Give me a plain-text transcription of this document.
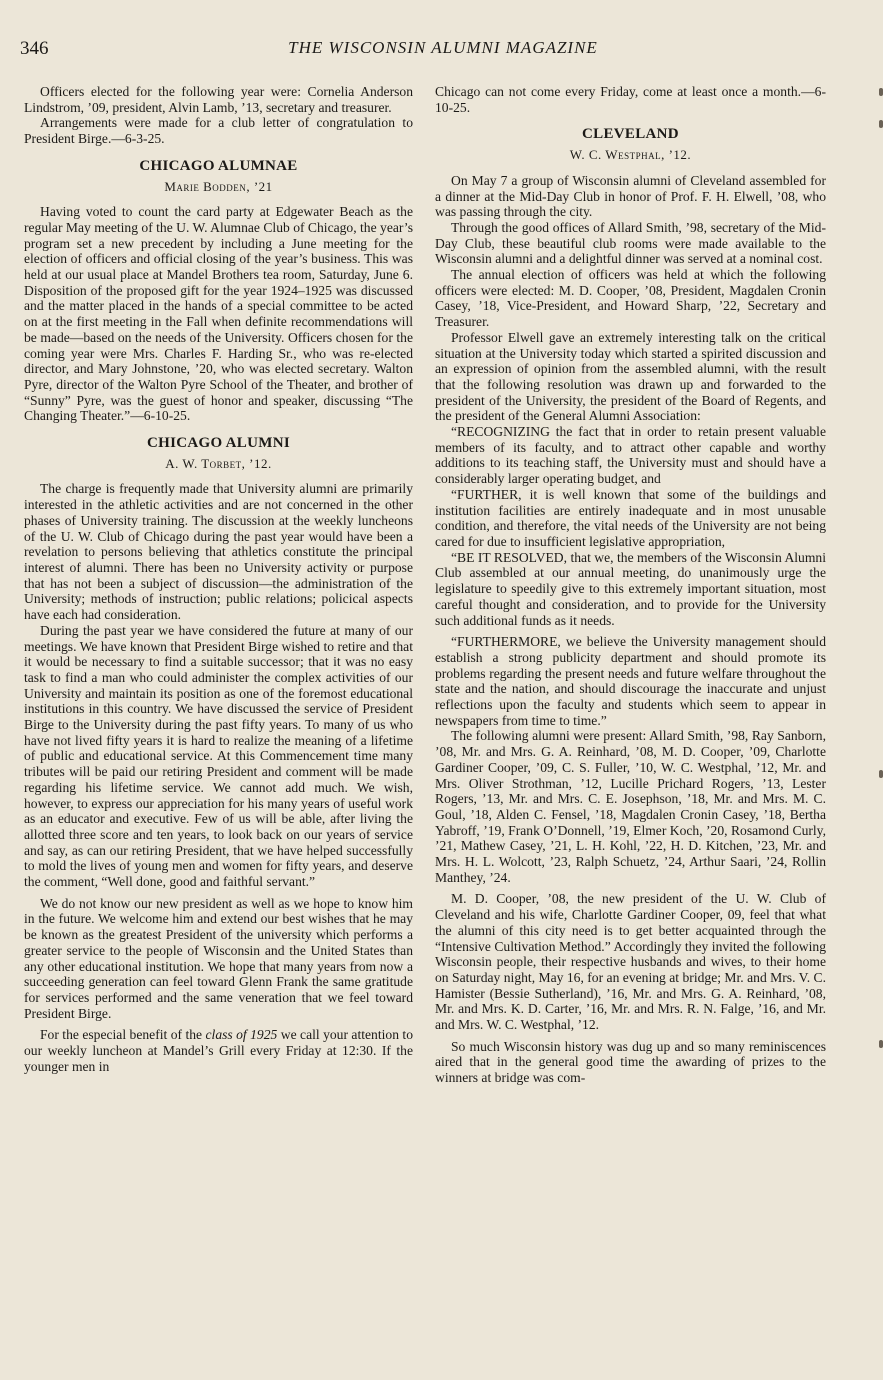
346	THE WISCONSIN ALUMNI MAGAZINE

Officers elected for the following year were: Cornelia Anderson Lindstrom, ’09, president, Alvin Lamb, ’13, secretary and treasurer.

Arrangements were made for a club letter of congratulation to President Birge.—6-3-25.

CHICAGO ALUMNAE
Marie Bodden, ’21

Having voted to count the card party at Edgewater Beach as the regular May meeting of the U. W. Alumnae Club of Chicago, the year’s program set a new precedent by including a June meeting for the election of officers and official closing of the year’s business. This was held at our usual place at Mandel Brothers tea room, Saturday, June 6. Disposition of the proposed gift for the year 1924–1925 was discussed and the matter placed in the hands of a special committee to be acted on at the first meeting in the Fall when definite recommendations will be made—based on the needs of the University. Officers chosen for the coming year were Mrs. Charles F. Harding Sr., who was re-elected director, and Mary Johnstone, ’20, who was elected secretary. Walton Pyre, director of the Walton Pyre School of the Theater, and brother of “Sunny” Pyre, was the guest of honor and speaker, discussing “The Changing Theater.”—6-10-25.

CHICAGO ALUMNI
A. W. Torbet, ’12.

The charge is frequently made that University alumni are primarily interested in the athletic activities and are not concerned in the other phases of University training. The discussion at the weekly luncheons of the U. W. Club of Chicago during the past year would have been a revelation to persons believing that athletics constitute the principal interest of alumni. There has been no University activity or purpose that has not been a subject of discussion—the administration of the University; methods of instruction; public relations; policical aspects have each had consideration.

During the past year we have considered the future at many of our meetings. We have known that President Birge wished to retire and that it would be necessary to find a suitable successor; that it was no easy task to find a man who could administer the complex activities of our University and maintain its position as one of the foremost educational institutions in this country. We have discussed the service of President Birge to the University during the past fifty years. To many of us who have not lived fifty years it is hard to realize the meaning of a lifetime of public and educational service. At this Commencement time many tributes will be paid our retiring President and comment will be made regarding his lifetime service. We cannot add much. We wish, however, to express our appreciation for his many years of useful work as an educator and executive. Few of us will be able, after living the allotted three score and ten years, to look back on our years of service and say, as can our retiring President, that we have helped successfully to mold the lives of young men and women for fifty years, and deserve the comment, “Well done, good and faithful servant.”

We do not know our new president as well as we hope to know him in the future. We welcome him and extend our best wishes that he may be known as the greatest President of the university which performs a greater service to the people of Wisconsin and the United States than any other educational institution. We hope that many years from now a succeeding generation can feel toward Glenn Frank the same gratitude for services performed and the same veneration that we feel toward President Birge.

For the especial benefit of the class of 1925 we call your attention to our weekly luncheon at Mandel’s Grill every Friday at 12:30. If the younger men in

Chicago can not come every Friday, come at least once a month.—6-10-25.

CLEVELAND
W. C. Westphal, ’12.

On May 7 a group of Wisconsin alumni of Cleveland assembled for a dinner at the Mid-Day Club in honor of Prof. F. H. Elwell, ’08, who was passing through the city.

Through the good offices of Allard Smith, ’98, secretary of the Mid-Day Club, these beautiful club rooms were made available to the Wisconsin alumni and a delightful dinner was served at a nominal cost.

The annual election of officers was held at which the following officers were elected: M. D. Cooper, ’08, President, Magdalen Cronin Casey, ’18, Vice-President, and Howard Sharp, ’22, Secretary and Treasurer.

Professor Elwell gave an extremely interesting talk on the critical situation at the University today which started a spirited discussion and an expression of opinion from the assembled alumni, with the result that the following resolution was drawn up and forwarded to the president of the University, the president of the Board of Regents, and the president of the General Alumni Association:

“RECOGNIZING the fact that in order to retain present valuable members of its faculty, and to attract other capable and worthy additions to its teaching staff, the University must and should have a considerably larger operating budget, and

“FURTHER, it is well known that some of the buildings and institution facilities are entirely inadequate and in most unusable condition, and therefore, the vital needs of the University are not being cared for due to insufficient legislative appropriation,

“BE IT RESOLVED, that we, the members of the Wisconsin Alumni Club assembled at our annual meeting, do unanimously urge the legislature to speedily give to this extremely important situation, most careful thought and consideration, and to provide for the University such additional funds as it needs.

“FURTHERMORE, we believe the University management should establish a strong publicity department and should promote its problems regarding the present needs and future welfare throughout the state and the nation, and should discourage the inaccurate and unjust reflections upon the faculty and students which seem to appear in newspapers from time to time.”

The following alumni were present: Allard Smith, ’98, Ray Sanborn, ’08, Mr. and Mrs. G. A. Reinhard, ’08, M. D. Cooper, ’09, Charlotte Gardiner Cooper, ’09, C. S. Fuller, ’10, W. C. Westphal, ’12, Mr. and Mrs. Oliver Strothman, ’12, Lucille Prichard Rogers, ’13, Lester Rogers, ’13, Mr. and Mrs. C. E. Josephson, ’18, Mr. and Mrs. M. C. Goul, ’18, Alden C. Fensel, ’18, Magdalen Cronin Casey, ’18, Bertha Yabroff, ’19, Frank O’Donnell, ’19, Elmer Koch, ’20, Rosamond Curly, ’21, Mathew Casey, ’21, L. H. Kohl, ’22, H. D. Kitchen, ’23, Mr. and Mrs. H. L. Wolcott, ’23, Ralph Schuetz, ’24, Arthur Saari, ’24, Rollin Manthey, ’24.

M. D. Cooper, ’08, the new president of the U. W. Club of Cleveland and his wife, Charlotte Gardiner Cooper, 09, feel that what the alumni of this city need is to get better acquainted through the “Intensive Cultivation Method.” Accordingly they invited the following Wisconsin people, their respective husbands and wives, to their home on Saturday night, May 16, for an evening at bridge; Mr. and Mrs. V. C. Hamister (Bessie Sutherland), ’16, Mr. and Mrs. G. A. Reinhard, ’08, Mr. and Mrs. K. D. Carter, ’16, Mr. and Mrs. R. N. Falge, ’16, and Mr. and Mrs. W. C. Westphal, ’12.

So much Wisconsin history was dug up and so many reminiscences aired that in the general good time the awarding of prizes to the winners at bridge was com-
